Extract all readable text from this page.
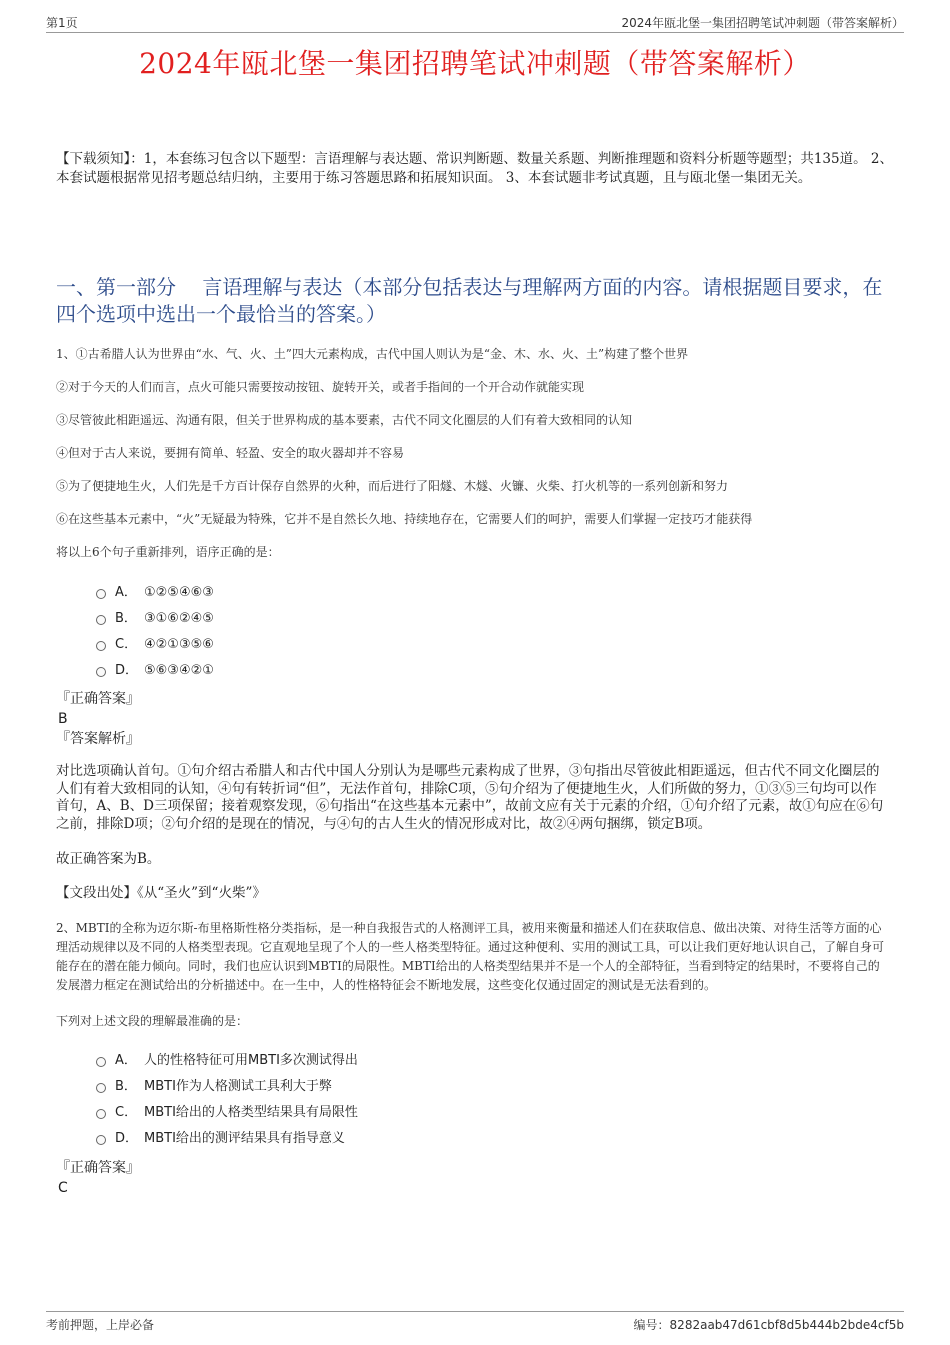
第1页	2024年瓯北堡一集团招聘笔试冲刺题（带答案解析）
2024年瓯北堡一集团招聘笔试冲刺题（带答案解析）
【下载须知】：1，本套练习包含以下题型：言语理解与表达题、常识判断题、数量关系题、判断推理题和资料分析题等题型；共135道。 2、本套试题根据常见招考题总结归纳，主要用于练习答题思路和拓展知识面。 3、本套试题非考试真题，且与瓯北堡一集团无关。
一、第一部分　 言语理解与表达（本部分包括表达与理解两方面的内容。请根据题目要求，在四个选项中选出一个最恰当的答案。）
1、①古希腊人认为世界由“水、气、火、土”四大元素构成，古代中国人则认为是“金、木、水、火、土”构建了整个世界
②对于今天的人们而言，点火可能只需要按动按钮、旋转开关，或者手指间的一个开合动作就能实现
③尽管彼此相距遥远、沟通有限，但关于世界构成的基本要素，古代不同文化圈层的人们有着大致相同的认知
④但对于古人来说，要拥有简单、轻盈、安全的取火器却并不容易
⑤为了便捷地生火，人们先是千方百计保存自然界的火种，而后进行了阳燧、木燧、火镰、火柴、打火机等的一系列创新和努力
⑥在这些基本元素中，“火”无疑最为特殊，它并不是自然长久地、持续地存在，它需要人们的呵护，需要人们掌握一定技巧才能获得
将以上6个句子重新排列，语序正确的是：
A． ①②⑤④⑥③
B． ③①⑥②④⑤
C． ④②①③⑤⑥
D． ⑤⑥③④②①
『正确答案』
B
『答案解析』

对比选项确认首句。①句介绍古希腊人和古代中国人分别认为是哪些元素构成了世界，③句指出尽管彼此相距遥远，但古代不同文化圈层的人们有着大致相同的认知，④句有转折词“但”，无法作首句，排除C项，⑤句介绍为了便捷地生火，人们所做的努力，①③⑤三句均可以作首句，A、B、D三项保留；接着观察发现，⑥句指出“在这些基本元素中”，故前文应有关于元素的介绍，①句介绍了元素，故①句应在⑥句之前，排除D项；②句介绍的是现在的情况，与④句的古人生火的情况形成对比，故②④两句捆绑，锁定B项。

故正确答案为B。

【文段出处】《从“圣火”到“火柴”》

2、MBTI的全称为迈尔斯-布里格斯性格分类指标，是一种自我报告式的人格测评工具，被用来衡量和描述人们在获取信息、做出决策、对待生活等方面的心理活动规律以及不同的人格类型表现。它直观地呈现了个人的一些人格类型特征。通过这种便利、实用的测试工具，可以让我们更好地认识自己，了解自身可能存在的潜在能力倾向。同时，我们也应认识到MBTI的局限性。MBTI给出的人格类型结果并不是一个人的全部特征，当看到特定的结果时，不要将自己的发展潜力框定在测试给出的分析描述中。在一生中，人的性格特征会不断地发展，这些变化仅通过固定的测试是无法看到的。

下列对上述文段的理解最准确的是：

A． 人的性格特征可用MBTI多次测试得出
B． MBTI作为人格测试工具利大于弊
C． MBTI给出的人格类型结果具有局限性
D． MBTI给出的测评结果具有指导意义
『正确答案』
C
考前押题，上岸必备	编号：8282aab47d61cbf8d5b444b2bde4cf5b
